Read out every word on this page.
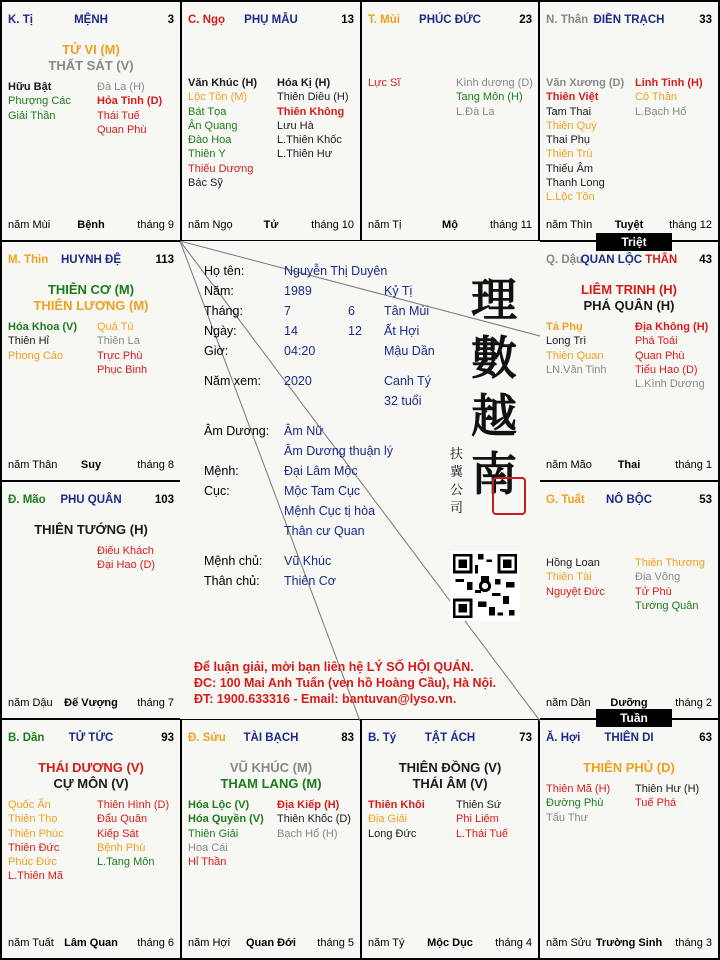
K. Tị	MỆNH	3
TỬ VI (M)
THẤT SÁT (V)
Hữu Bật
Phượng Các
Giải Thần
Đà La (H)
Hỏa Tinh (D)
Thái Tuế
Quan Phù
năm Mùi	Bệnh	tháng 9
C. Ngọ	PHỤ MẪU	13
Văn Khúc (H)
Lộc Tồn (M)
Bát Tọa
Ân Quang
Đào Hoa
Thiên Y
Thiếu Dương
Bác Sỹ
Hóa Kị (H)
Thiên Diêu (H)
Thiên Không
Lưu Hà
L.Thiên Khốc
L.Thiên Hư
năm Ngọ	Tử	tháng 10
T. Mùi	PHÚC ĐỨC	23
Lực Sĩ	Kình dương (D)
Tang Môn (H)
L.Đà La
năm Tị	Mộ	tháng 11
N. Thân ĐIỀN TRẠCH	33
Văn Xương (D)
Thiên Việt
Tam Thai
Thiên Quý
Thai Phụ
Thiên Trù
Thiếu Âm
Thanh Long
L.Lộc Tồn
Linh Tinh (H)
Cô Thần
L.Bạch Hổ
năm Thìn	Tuyệt	tháng 12
M. Thìn	HUYNH ĐỆ	113
THIÊN CƠ (M)
THIÊN LƯƠNG (M)
Hóa Khoa (V)
Thiên Hỉ
Phong Cáo
Quả Tú
Thiên La
Trực Phù
Phục Binh
năm Thân	Suy	tháng 8
Q. Dậu
QUAN LỘC THÂN	43
LIÊM TRINH (H)
PHÁ QUÂN (H)
Tả Phụ
Long Trì
Thiên Quan
LN.Văn Tinh
Địa Không (H)
Phá Toái
Quan Phù
Tiểu Hao (D)
L.Kình Dương
năm Mão	Thai	tháng 1
Đ. Mão	PHU QUÂN	103
THIÊN TƯỚNG (H)
Điếu Khách
Đại Hao (D)
năm Dậu	Đế Vượng	tháng 7
G. Tuất	NÔ BỘC	53
Hồng Loan
Thiên Tài
Nguyệt Đức
Thiên Thương
Địa Võng
Tử Phù
Tướng Quân
năm Dần	Dưỡng	tháng 2
B. Dần	TỬ TỨC	93
THÁI DƯƠNG (V)
CỰ MÔN (V)
Quốc Ấn
Thiên Thọ
Thiên Phúc
Thiên Đức
Phúc Đức
L.Thiên Mã
Thiên Hình (D)
Đẩu Quân
Kiếp Sát
Bệnh Phù
L.Tang Môn
năm Tuất Lâm Quan	tháng 6
Đ. Sửu	TÀI BẠCH	83
VŨ KHÚC (M)
THAM LANG (M)
Hóa Lộc (V)
Hóa Quyền (V)
Thiên Giải
Hoa Cái
Hỉ Thần
Địa Kiếp (H)
Thiên Khốc (D)
Bạch Hổ (H)
năm Hợi	Quan Đới	tháng 5
B. Tý	TẬT ÁCH	73
THIÊN ĐỒNG (V)
THÁI ÂM (V)
Thiên Khôi
Địa Giải
Long Đức
Thiên Sứ
Phi Liêm
L.Thái Tuế
năm Tý	Mộc Dục	tháng 4
Ă. Hợi	THIÊN DI	63
THIÊN PHỦ (D)
Thiên Mã (H)
Đường Phù
Tấu Thư
Thiên Hư (H)
Tuế Phá
năm Sửu Trường Sinh	tháng 3
Họ tên:	Nguyễn Thị Duyên
Năm:	1989	Kỷ Tị
Tháng:	7	6 Tân Mùi
Ngày:	14	12 Ất Hợi
Giờ:	04:20	Mậu Dần
Năm xem: 2020	Canh Tý
32 tuổi
Âm Dương: Âm Nữ
Âm Dương thuận lý
Mệnh:	Đại Lâm Mộc
Cục:	Mộc Tam Cục
Mệnh Cục tị hòa
Thân cư Quan
Mệnh chủ: Vũ Khúc
Thân chủ: Thiên Cơ
理
數
越
南
扶 冀 公 司
Để luận giải, mời bạn liên hệ LÝ SỐ HỘI QUÁN.
ĐC: 100 Mai Anh Tuấn (ven hồ Hoàng Cầu), Hà Nội.
ĐT: 1900.633316 - Email: bantuvan@lyso.vn.
Triệt
Tuần
